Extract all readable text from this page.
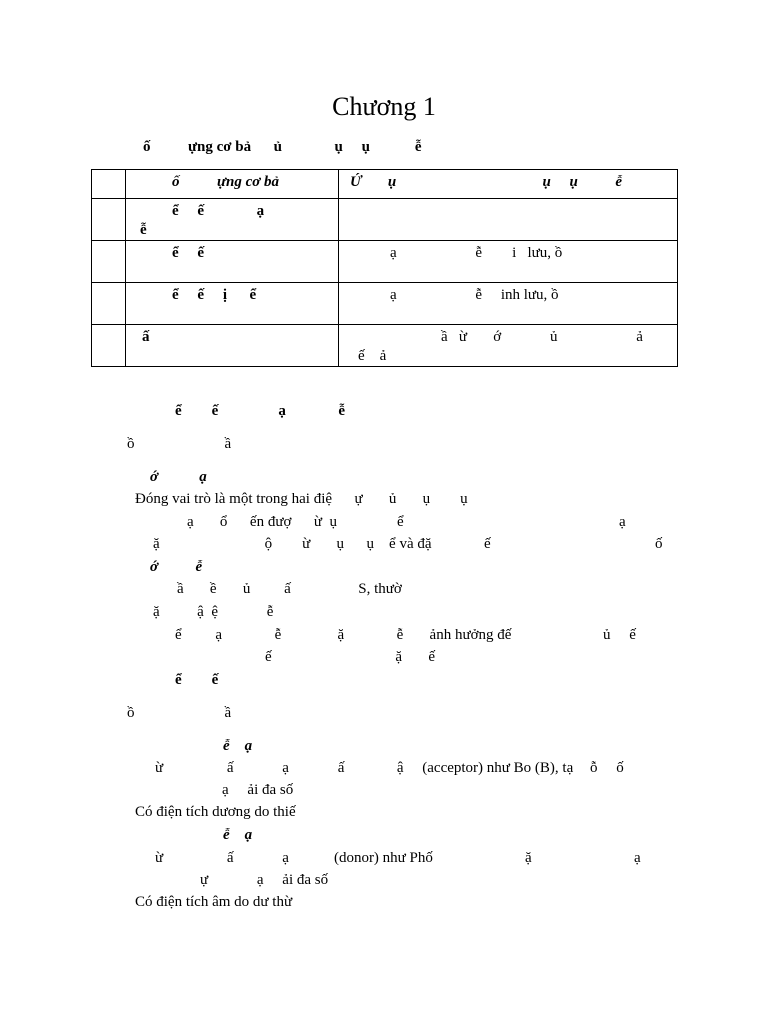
Chương 1
ố          ựng cơ bả      ủ              ụ     ụ            ễ
ố          ựng cơ bả	Ứ       ụ                                       ụ     ụ          ễ
ể     ế              ạ
ễ
ể     ế	ạ                     ễ        i   lưu, ồ
ể     ế     ị      ể	ạ                     ễ     inh lưu, ồ
ấ	ầ   ừ       ớ             ủ                     ả
ế    ả
ể        ế                ạ              ễ
ồ                        ầ
ớ           ạ
Đóng vai trò là một trong hai điệ      ự       ủ       ụ        ụ
ạ       ổ      ến đượ      ừ  ụ                ể	ạ
ặ                            ộ        ừ       ụ      ụ    ể và đặ              ế	ố
ớ          ễ
ầ       ề       ủ         ấ                  S, thườ
ặ          ậ  ệ             ễ
ể         ạ              ễ               ặ              ễ       ảnh hưởng đế	ủ     ế
ế                                 ặ       ế
ể        ế
ồ                        ầ
ễ    ạ
ừ                 ấ             ạ             ấ              ậ     (acceptor) như Bo (B), tạ ỗ     ố
ạ     ải đa số
Có điện tích dương do thiế
ễ    ạ
ừ                 ấ             ạ            (donor) như Phố	ặ	ạ
ự             ạ     ải đa số
Có điện tích âm do dư thừ
